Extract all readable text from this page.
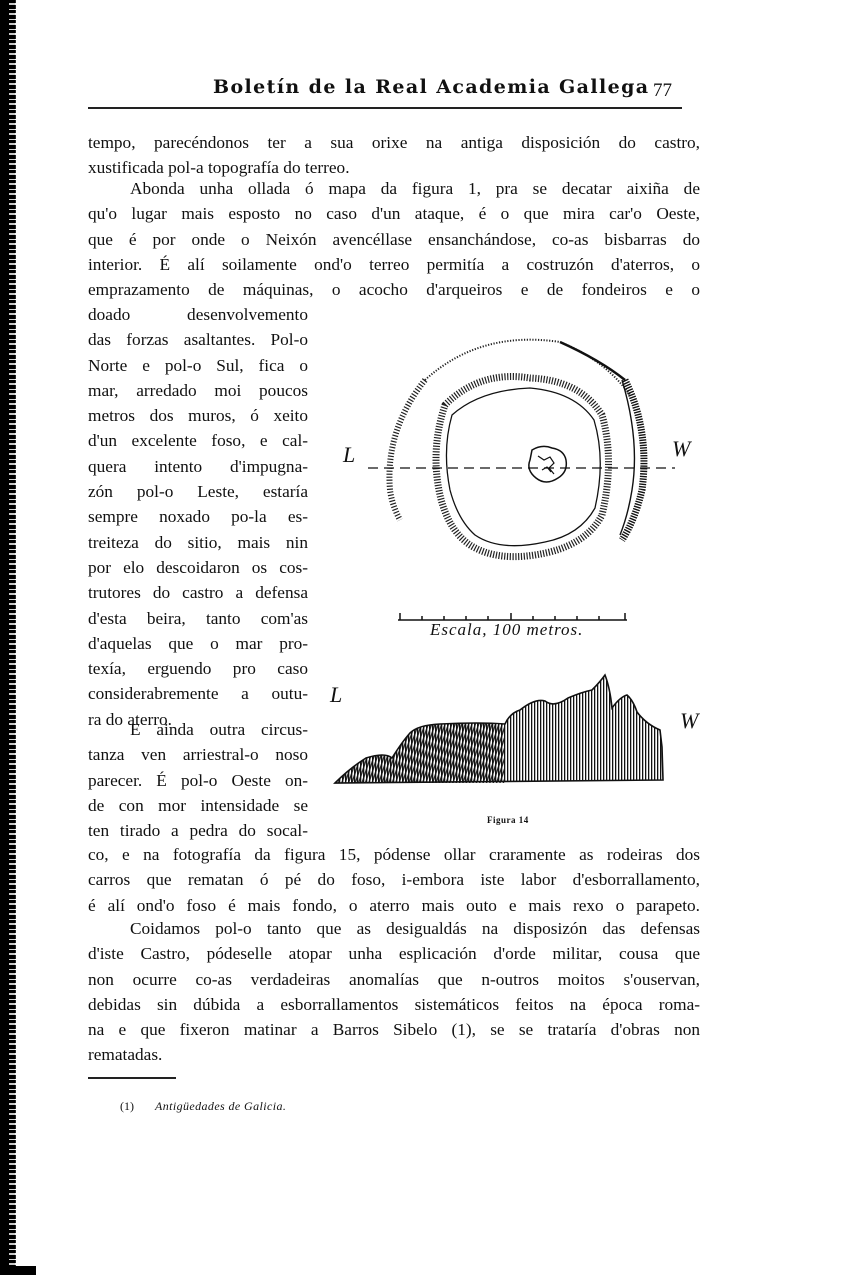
Boletín de la Real Academia Gallega 77
tempo, parecéndonos ter a sua orixe na antiga disposición do castro,
xustificada pol-a topografía do terreo.
Abonda unha ollada ó mapa da figura 1, pra se decatar aixiña de
qu'o lugar mais esposto no caso d'un ataque, é o que mira car'o Oeste,
que é por onde o Neixón avencéllase ensanchándose, co-as bisbarras do
interior. É alí soilamente ond'o terreo permitía a costruzón d'aterros, o
emprazamento de máquinas, o acocho d'arqueiros e de fondeiros e o
doado desenvolvemento
das forzas asaltantes. Pol-o
Norte e pol-o Sul, fica o
mar, arredado moi poucos
metros dos muros, ó xeito
d'un excelente foso, e cal-
quera intento d'impugna-
zón pol-o Leste, estaría
sempre noxado po-la es-
treiteza do sitio, mais nin
por elo descoidaron os cos-
trutores do castro a defensa
d'esta beira, tanto com'as
d'aquelas que o mar pro-
texía, erguendo pro caso
considerabremente a outu-
ra do aterro.
E ainda outra circus-
tanza ven arriestral-o noso
parecer. É pol-o Oeste on-
de con mor intensidade se
ten tirado a pedra do socal-
co, e na fotografía da figura 15, pódense ollar craramente as rodeiras dos
carros que rematan ó pé do foso, i-embora iste labor d'esborrallamento,
é alí ond'o foso é mais fondo, o aterro mais outo e mais rexo o parapeto.
Coidamos pol-o tanto que as desigualdás na disposizón das defensas
d'iste Castro, pódeselle atopar unha esplicación d'orde militar, cousa que
non ocurre co-as verdadeiras anomalías que n-outros moitos s'ouservan,
debidas sin dúbida a esborrallamentos sistemáticos feitos na época roma-
na e que fixeron matinar a Barros Sibelo (1), se se trataría d'obras non
rematadas.
L	W
Escala, 100 metros.
L
W
Figura 14
(1) Antigüedades de Galicia.
